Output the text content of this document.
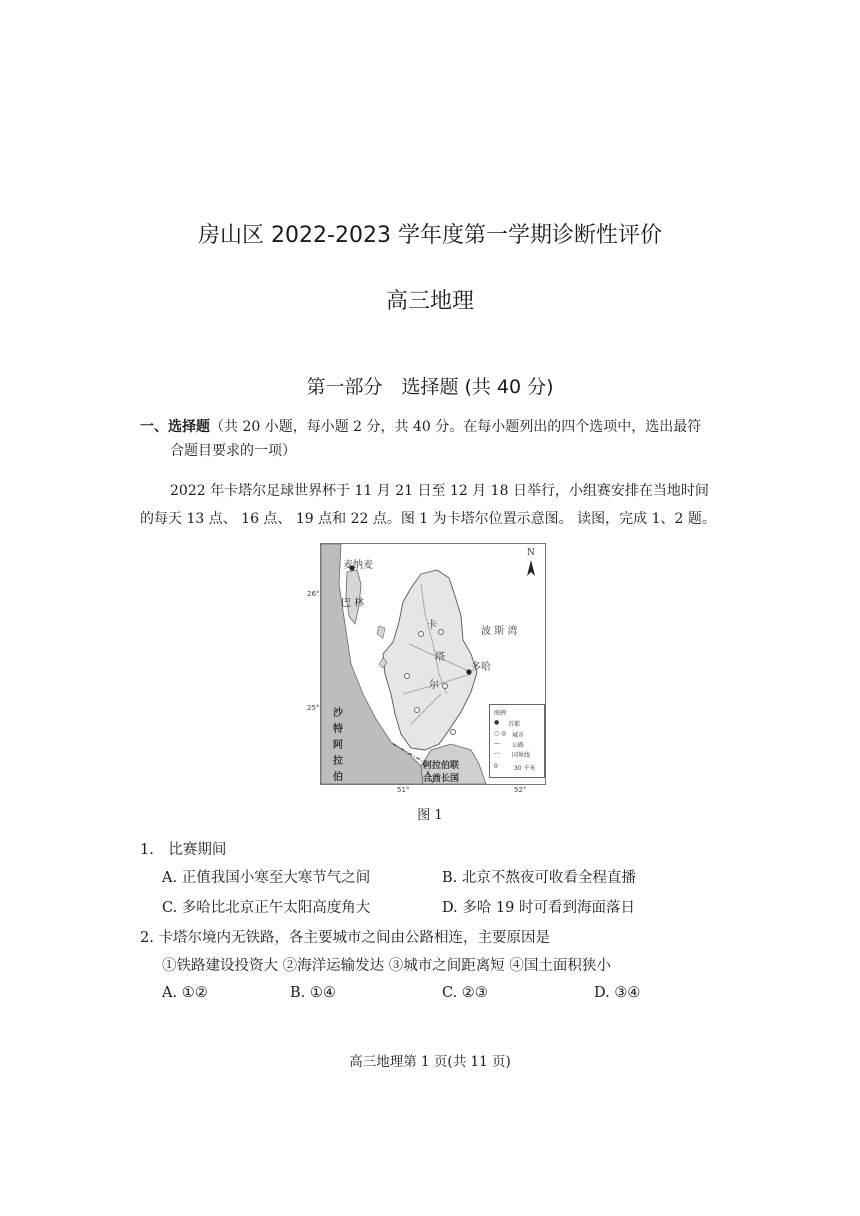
房山区 2022-2023 学年度第一学期诊断性评价
高三地理
第一部分　选择题 (共 40 分)
一、选择题（共 20 小题，每小题 2 分，共 40 分。在每小题列出的四个选项中，选出最符
合题目要求的一项）
2022 年卡塔尔足球世界杯于 11 月 21 日至 12 月 18 日举行，小组赛安排在当地时间
的每天 13 点、 16 点、 19 点和 22 点。图 1 为卡塔尔位置示意图。 读图，完成 1、2 题。
麦纳麦
巴 林
卡
塔
尔
波 斯 湾
多哈
沙
特
阿
拉
伯
阿拉伯联
合酋长国
N
图例
● 首都
○ ◎ 城市
— 公路
-·- 国界线
0	30 千米
26°
25°
51°	52°
图 1
1.　比赛期间
A. 正值我国小寒至大寒节气之间	B. 北京不熬夜可收看全程直播
C. 多哈比北京正午太阳高度角大	D. 多哈 19 时可看到海面落日
2. 卡塔尔境内无铁路，各主要城市之间由公路相连，主要原因是
①铁路建设投资大 ②海洋运输发达 ③城市之间距离短 ④国土面积狭小
A. ①②	B. ①④	C. ②③	D. ③④
高三地理第 1 页(共 11 页)
